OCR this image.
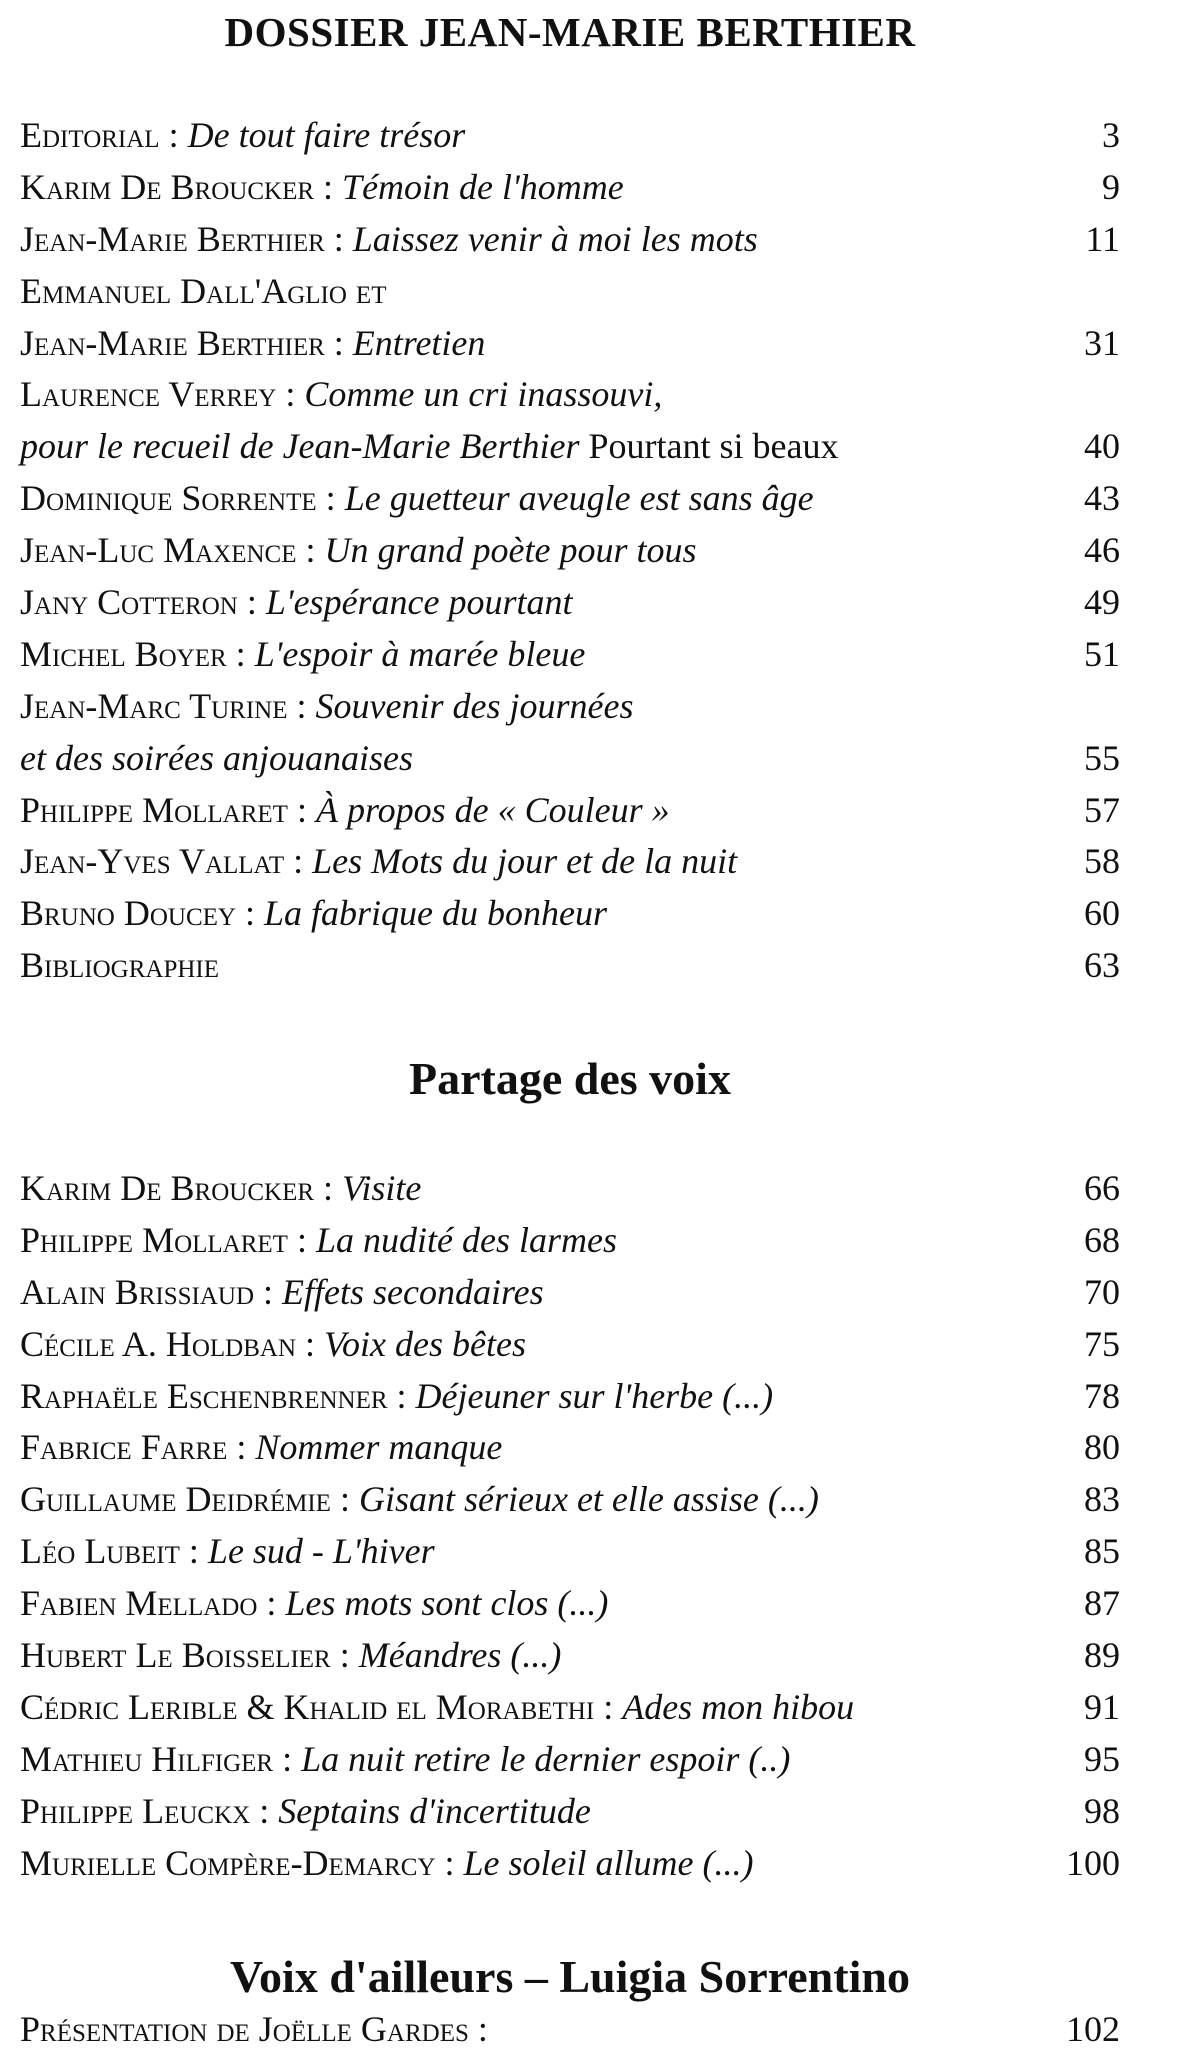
DOSSIER JEAN-MARIE BERTHIER
Editorial : De tout faire trésor	3
Karim De Broucker : Témoin de l'homme	9
Jean-Marie Berthier : Laissez venir à moi les mots	11
Emmanuel Dall'Aglio et
Jean-Marie Berthier : Entretien	31
Laurence Verrey : Comme un cri inassouvi,
pour le recueil de Jean-Marie Berthier Pourtant si beaux	40
Dominique Sorrente : Le guetteur aveugle est sans âge	43
Jean-Luc Maxence : Un grand poète pour tous	46
Jany Cotteron : L'espérance pourtant	49
Michel Boyer : L'espoir à marée bleue	51
Jean-Marc Turine : Souvenir des journées
et des soirées anjouanaises	55
Philippe Mollaret : À propos de « Couleur »	57
Jean-Yves Vallat : Les Mots du jour et de la nuit	58
Bruno Doucey : La fabrique du bonheur	60
Bibliographie	63
Partage des voix
Karim De Broucker : Visite	66
Philippe Mollaret : La nudité des larmes	68
Alain Brissiaud : Effets secondaires	70
Cécile A. Holdban : Voix des bêtes	75
Raphaële Eschenbrenner : Déjeuner sur l'herbe (...)	78
Fabrice Farre : Nommer manque	80
Guillaume Deidrémie : Gisant sérieux et elle assise (...)	83
Léo Lubeit : Le sud - L'hiver	85
Fabien Mellado : Les mots sont clos (...)	87
Hubert Le Boisselier : Méandres (...)	89
Cédric Lerible & Khalid el Morabethi : Ades mon hibou	91
Mathieu Hilfiger : La nuit retire le dernier espoir (..)	95
Philippe Leuckx : Septains d'incertitude	98
Murielle Compère-Demarcy : Le soleil allume (...)	100
Voix d'ailleurs – Luigia Sorrentino
Présentation de Joëlle Gardes :	102
